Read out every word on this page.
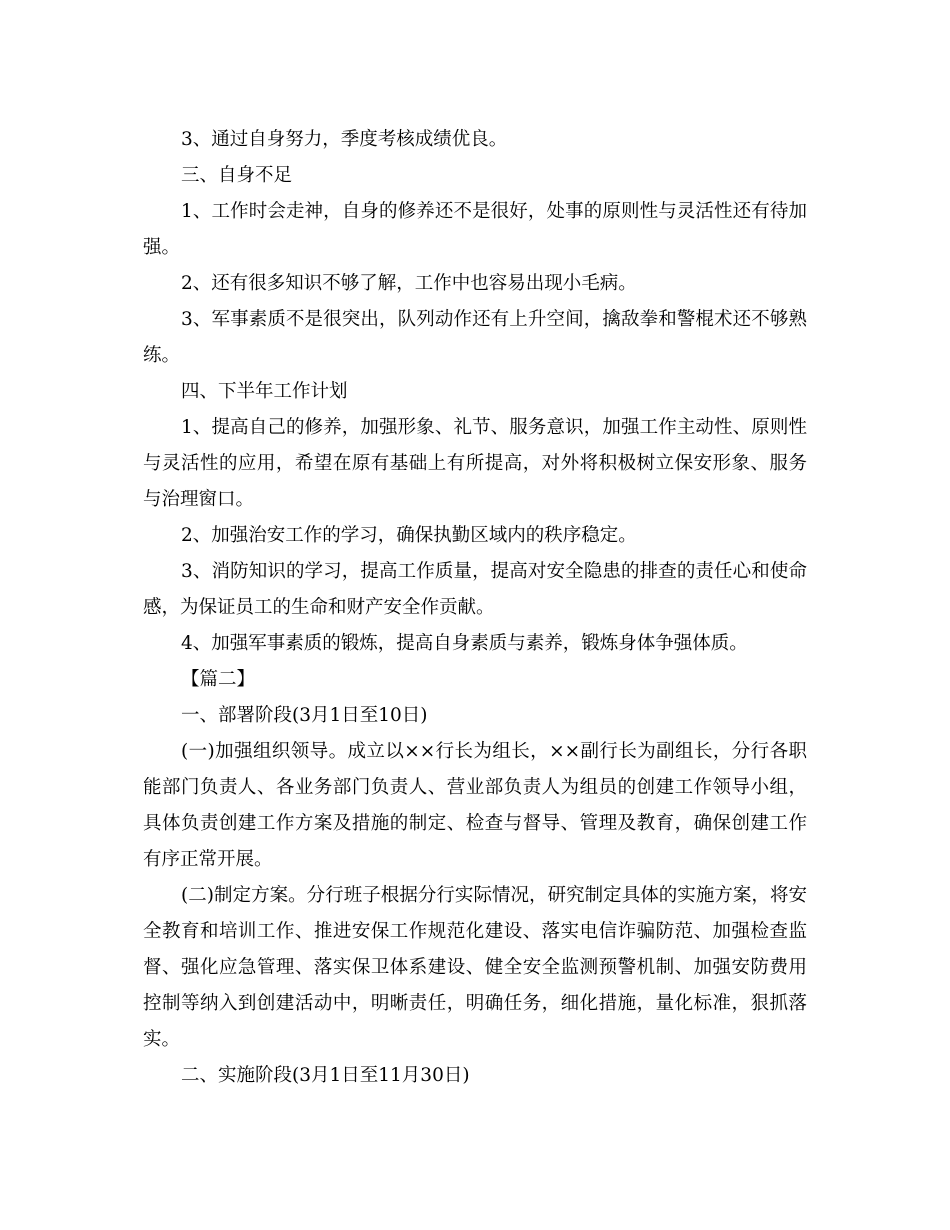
3、通过自身努力，季度考核成绩优良。

三、自身不足

1、工作时会走神，自身的修养还不是很好，处事的原则性与灵活性还有待加强。

2、还有很多知识不够了解，工作中也容易出现小毛病。

3、军事素质不是很突出，队列动作还有上升空间，擒敌拳和警棍术还不够熟练。

四、下半年工作计划

1、提高自己的修养，加强形象、礼节、服务意识，加强工作主动性、原则性与灵活性的应用，希望在原有基础上有所提高，对外将积极树立保安形象、服务与治理窗口。

2、加强治安工作的学习，确保执勤区域内的秩序稳定。

3、消防知识的学习，提高工作质量，提高对安全隐患的排查的责任心和使命感，为保证员工的生命和财产安全作贡献。

4、加强军事素质的锻炼，提高自身素质与素养，锻炼身体争强体质。

【篇二】

一、部署阶段(3月1日至10日)

(一)加强组织领导。成立以××行长为组长，××副行长为副组长，分行各职能部门负责人、各业务部门负责人、营业部负责人为组员的创建工作领导小组，具体负责创建工作方案及措施的制定、检查与督导、管理及教育，确保创建工作有序正常开展。

(二)制定方案。分行班子根据分行实际情况，研究制定具体的实施方案，将安全教育和培训工作、推进安保工作规范化建设、落实电信诈骗防范、加强检查监督、强化应急管理、落实保卫体系建设、健全安全监测预警机制、加强安防费用控制等纳入到创建活动中，明晰责任，明确任务，细化措施，量化标准，狠抓落实。

二、实施阶段(3月1日至11月30日)
